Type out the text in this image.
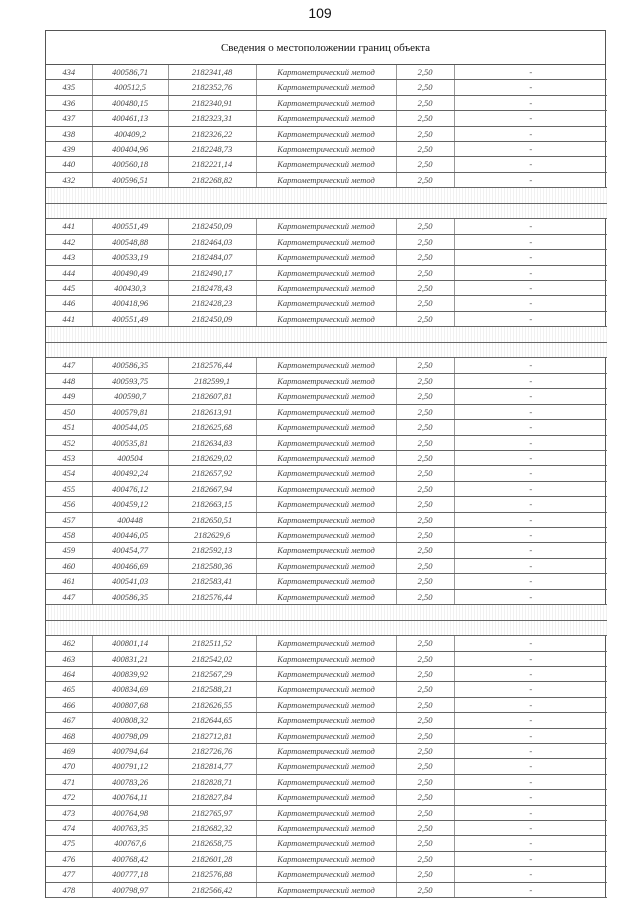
109
Сведения о местоположении границ объекта
434	400586,71	2182341,48	Картометрический метод	2,50	-
435	400512,5	2182352,76	Картометрический метод	2,50	-
436	400480,15	2182340,91	Картометрический метод	2,50	-
437	400461,13	2182323,31	Картометрический метод	2,50	-
438	400409,2	2182326,22	Картометрический метод	2,50	-
439	400404,96	2182248,73	Картометрический метод	2,50	-
440	400560,18	2182221,14	Картометрический метод	2,50	-
432	400596,51	2182268,82	Картометрический метод	2,50	-

441	400551,49	2182450,09	Картометрический метод	2,50	-
442	400548,88	2182464,03	Картометрический метод	2,50	-
443	400533,19	2182484,07	Картометрический метод	2,50	-
444	400490,49	2182490,17	Картометрический метод	2,50	-
445	400430,3	2182478,43	Картометрический метод	2,50	-
446	400418,96	2182428,23	Картометрический метод	2,50	-
441	400551,49	2182450,09	Картометрический метод	2,50	-

447	400586,35	2182576,44	Картометрический метод	2,50	-
448	400593,75	2182599,1	Картометрический метод	2,50	-
449	400590,7	2182607,81	Картометрический метод	2,50	-
450	400579,81	2182613,91	Картометрический метод	2,50	-
451	400544,05	2182625,68	Картометрический метод	2,50	-
452	400535,81	2182634,83	Картометрический метод	2,50	-
453	400504	2182629,02	Картометрический метод	2,50	-
454	400492,24	2182657,92	Картометрический метод	2,50	-
455	400476,12	2182667,94	Картометрический метод	2,50	-
456	400459,12	2182663,15	Картометрический метод	2,50	-
457	400448	2182650,51	Картометрический метод	2,50	-
458	400446,05	2182629,6	Картометрический метод	2,50	-
459	400454,77	2182592,13	Картометрический метод	2,50	-
460	400466,69	2182580,36	Картометрический метод	2,50	-
461	400541,03	2182583,41	Картометрический метод	2,50	-
447	400586,35	2182576,44	Картометрический метод	2,50	-

462	400801,14	2182511,52	Картометрический метод	2,50	-
463	400831,21	2182542,02	Картометрический метод	2,50	-
464	400839,92	2182567,29	Картометрический метод	2,50	-
465	400834,69	2182588,21	Картометрический метод	2,50	-
466	400807,68	2182626,55	Картометрический метод	2,50	-
467	400808,32	2182644,65	Картометрический метод	2,50	-
468	400798,09	2182712,81	Картометрический метод	2,50	-
469	400794,64	2182726,76	Картометрический метод	2,50	-
470	400791,12	2182814,77	Картометрический метод	2,50	-
471	400783,26	2182828,71	Картометрический метод	2,50	-
472	400764,11	2182827,84	Картометрический метод	2,50	-
473	400764,98	2182765,97	Картометрический метод	2,50	-
474	400763,35	2182682,32	Картометрический метод	2,50	-
475	400767,6	2182658,75	Картометрический метод	2,50	-
476	400768,42	2182601,28	Картометрический метод	2,50	-
477	400777,18	2182576,88	Картометрический метод	2,50	-
478	400798,97	2182566,42	Картометрический метод	2,50	-
